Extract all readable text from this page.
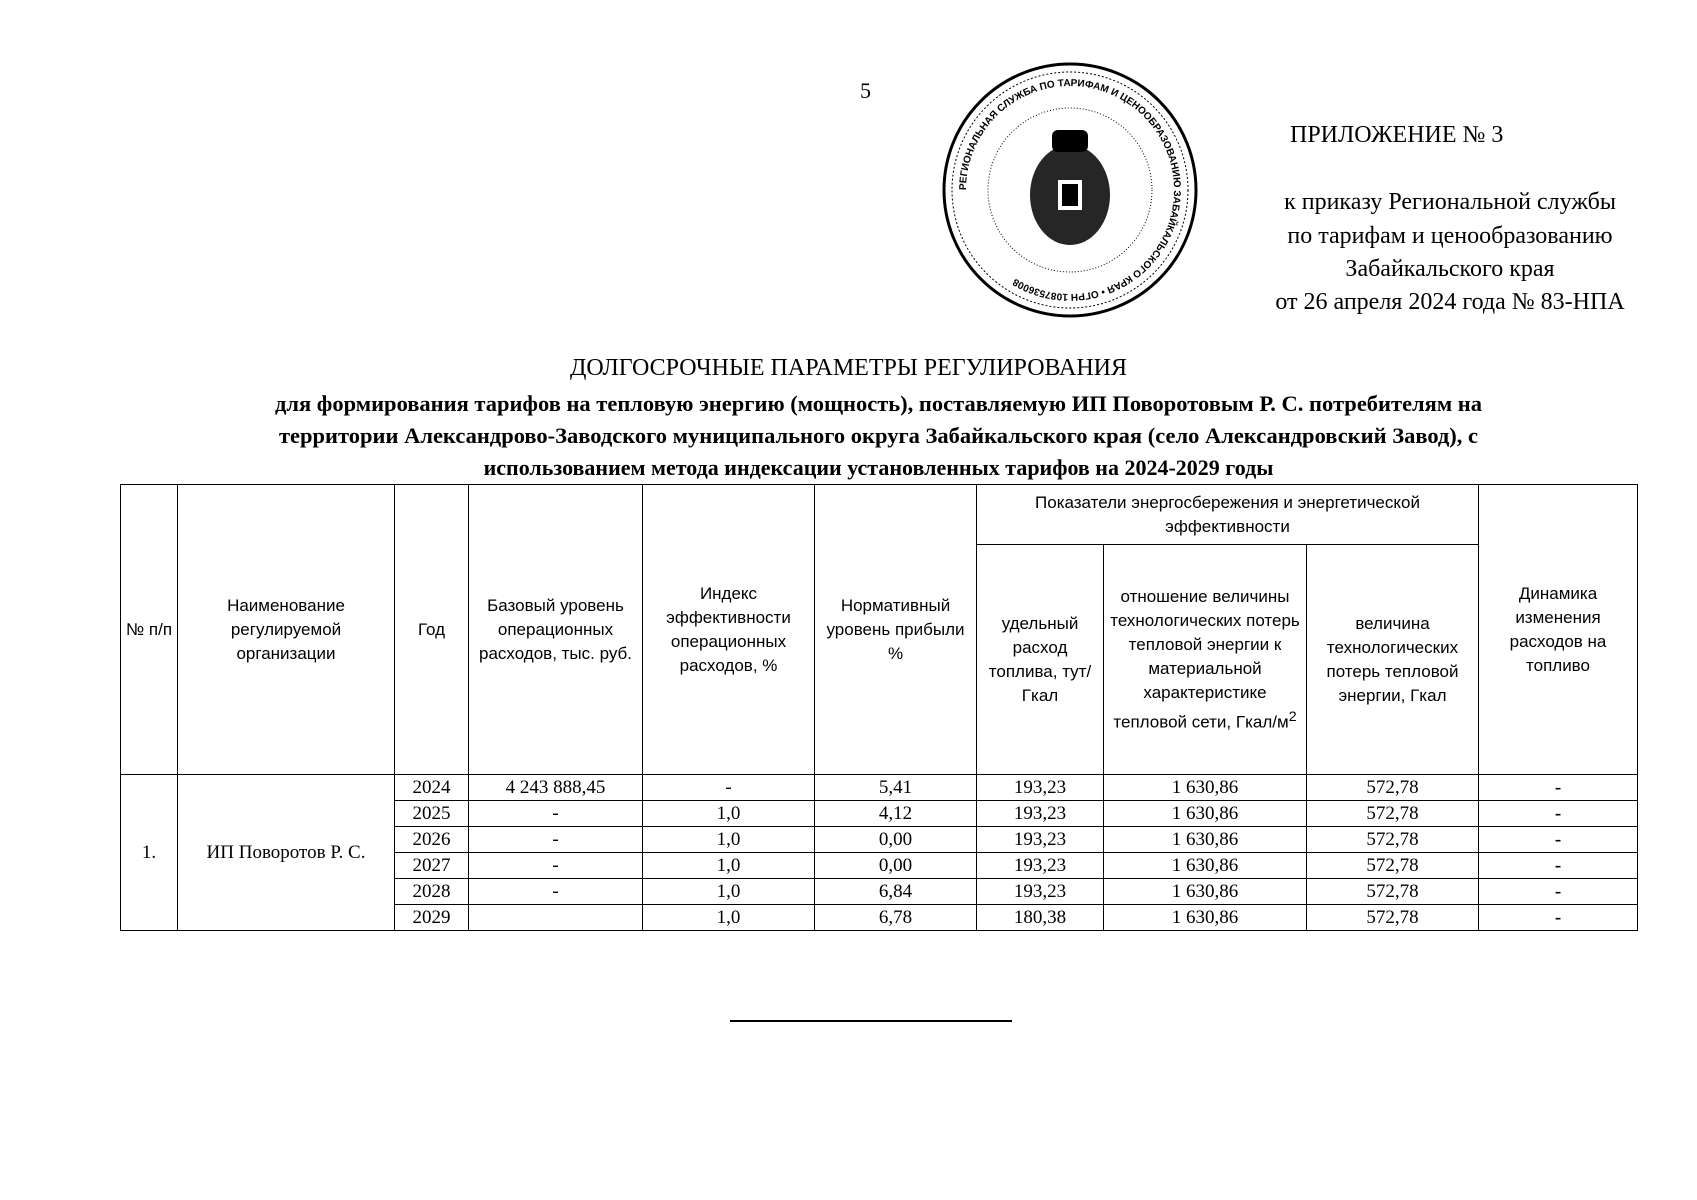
5
РЕГИОНАЛЬНАЯ СЛУЖБА ПО ТАРИФАМ И ЦЕНООБРАЗОВАНИЮ ЗАБАЙКАЛЬСКОГО КРАЯ • ОГРН 1087536008
ПРИЛОЖЕНИЕ № 3
к приказу Региональной службы
по тарифам и ценообразованию
Забайкальского края
от 26 апреля 2024 года № 83-НПА
ДОЛГОСРОЧНЫЕ ПАРАМЕТРЫ РЕГУЛИРОВАНИЯ
для формирования тарифов на тепловую энергию (мощность), поставляемую ИП Поворотовым Р. С. потребителям на
территории Александрово-Заводского муниципального округа Забайкальского края (село Александровский Завод), с
использованием метода индексации установленных тарифов на 2024-2029 годы
№ п/п	Наименование регулируемой организации	Год	Базовый уровень операционных расходов, тыс. руб.	Индекс эффективности операционных расходов, %	Нормативный уровень прибыли %	Показатели энергосбережения и энергетической эффективности			Динамика изменения расходов на топливо
						удельный расход топлива, тут/Гкал	отношение величины технологических потерь тепловой энергии к материальной характеристике тепловой сети, Гкал/$м^2$	величина технологических потерь тепловой энергии, Гкал	
1.	ИП Поворотов Р. С.	2024	4 243 888,45	-	5,41	193,23	1 630,86	572,78	-
		2025	-	1,0	4,12	193,23	1 630,86	572,78	-
		2026	-	1,0	0,00	193,23	1 630,86	572,78	-
		2027	-	1,0	0,00	193,23	1 630,86	572,78	-
		2028	-	1,0	6,84	193,23	1 630,86	572,78	-
		2029		1,0	6,78	180,38	1 630,86	572,78	-
